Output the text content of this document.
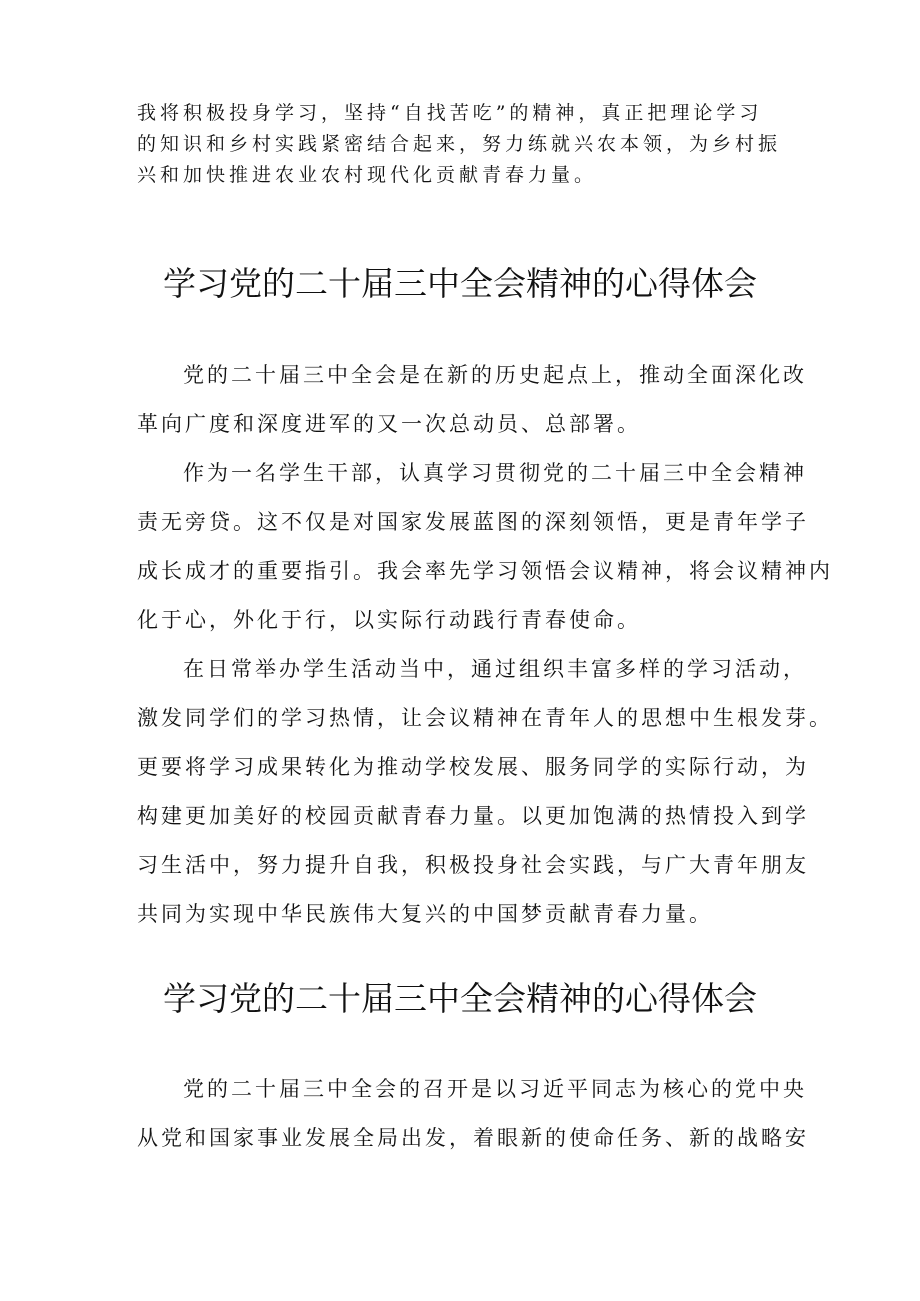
我将积极投身学习，坚持“自找苦吃”的精神，真正把理论学习
的知识和乡村实践紧密结合起来，努力练就兴农本领，为乡村振
兴和加快推进农业农村现代化贡献青春力量。
学习党的二十届三中全会精神的心得体会
党的二十届三中全会是在新的历史起点上，推动全面深化改
革向广度和深度进军的又一次总动员、总部署。
作为一名学生干部，认真学习贯彻党的二十届三中全会精神
责无旁贷。这不仅是对国家发展蓝图的深刻领悟，更是青年学子
成长成才的重要指引。我会率先学习领悟会议精神，将会议精神内
化于心，外化于行，以实际行动践行青春使命。
在日常举办学生活动当中，通过组织丰富多样的学习活动，
激发同学们的学习热情，让会议精神在青年人的思想中生根发芽。
更要将学习成果转化为推动学校发展、服务同学的实际行动，为
构建更加美好的校园贡献青春力量。以更加饱满的热情投入到学
习生活中，努力提升自我，积极投身社会实践，与广大青年朋友
共同为实现中华民族伟大复兴的中国梦贡献青春力量。
学习党的二十届三中全会精神的心得体会
党的二十届三中全会的召开是以习近平同志为核心的党中央
从党和国家事业发展全局出发，着眼新的使命任务、新的战略安
